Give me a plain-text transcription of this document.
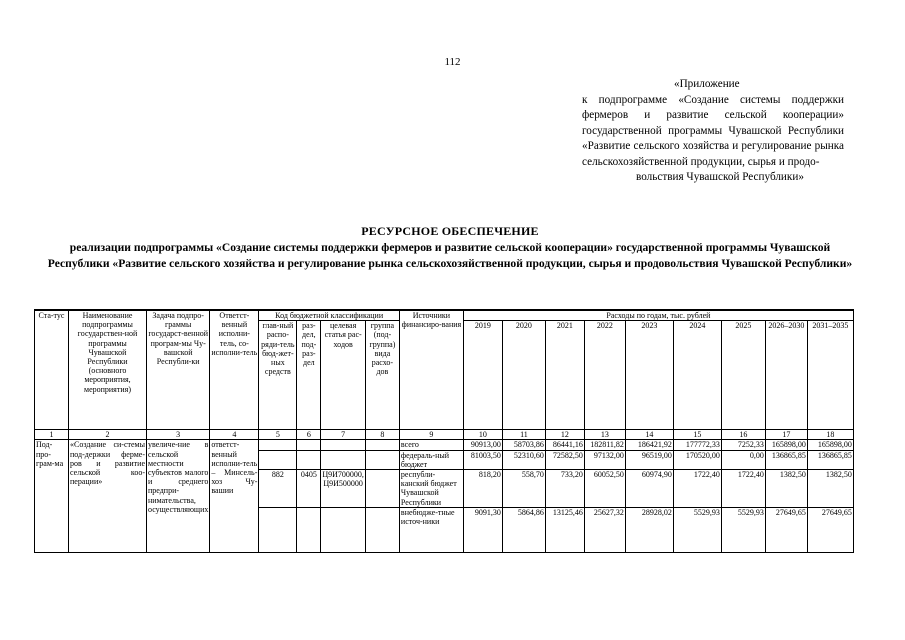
112
«Приложение
к подпрограмме «Создание системы поддержки фермеров и развитие сельской кооперации» государственной программы Чувашской Республики «Развитие сельского хозяйства и регулирование рынка сельскохозяйственной продукции, сырья и продо-
вольствия Чувашской Республики»
РЕСУРСНОЕ ОБЕСПЕЧЕНИЕ
реализации подпрограммы «Создание системы поддержки фермеров и развитие сельской кооперации» государственной программы Чувашской Республики «Развитие сельского хозяйства и регулирование рынка сельскохозяйственной продукции, сырья и продовольствия Чувашской Республики»
Ста-тус	Наименование подпрограммы государствен-ной программы Чувашской Республики (основного мероприятия, мероприятия)	Задача подпро-граммы государст-венной програм-мы Чу-вашской Республи-ки	Ответст-венный исполни-тель, со-исполни-тель	Код бюджетной классификации				Источники финансиро-вания	Расходы по годам, тыс. рублей								
				глав-ный распо-ряди-тель бюд-жет-ных средств	раз-дел, под-раз-дел	целевая статья рас-ходов	группа (под-группа) вида расхо-дов		2019	2020	2021	2022	2023	2024	2025	2026–2030	2031–2035
1	2	3	4	5	6	7	8	9	10	11	12	13	14	15	16	17	18
Под-про-грам-ма	«Создание си-стемы под-держки ферме-ров и развитие сельской коо-перации»	увеличе-ние в сельской местности субъектов малого и среднего предпри-нимательства, осуществляющих	ответст-венный исполни-тель – Минсель-хоз Чу-вашии					всего	90913,00	58703,86	86441,16	182811,82	186421,92	177772,33	7252,33	165898,00	165898,00
								федераль-ный бюджет	81003,50	52310,60	72582,50	97132,00	96519,00	170520,00	0,00	136865,85	136865,85
				882	0405	Ц9И700000, Ц9И500000		республи-канский бюджет Чувашской Республики	818,20	558,70	733,20	60052,50	60974,90	1722,40	1722,40	1382,50	1382,50
								внебюдже-тные источ-ники	9091,30	5864,86	13125,46	25627,32	28928,02	5529,93	5529,93	27649,65	27649,65
